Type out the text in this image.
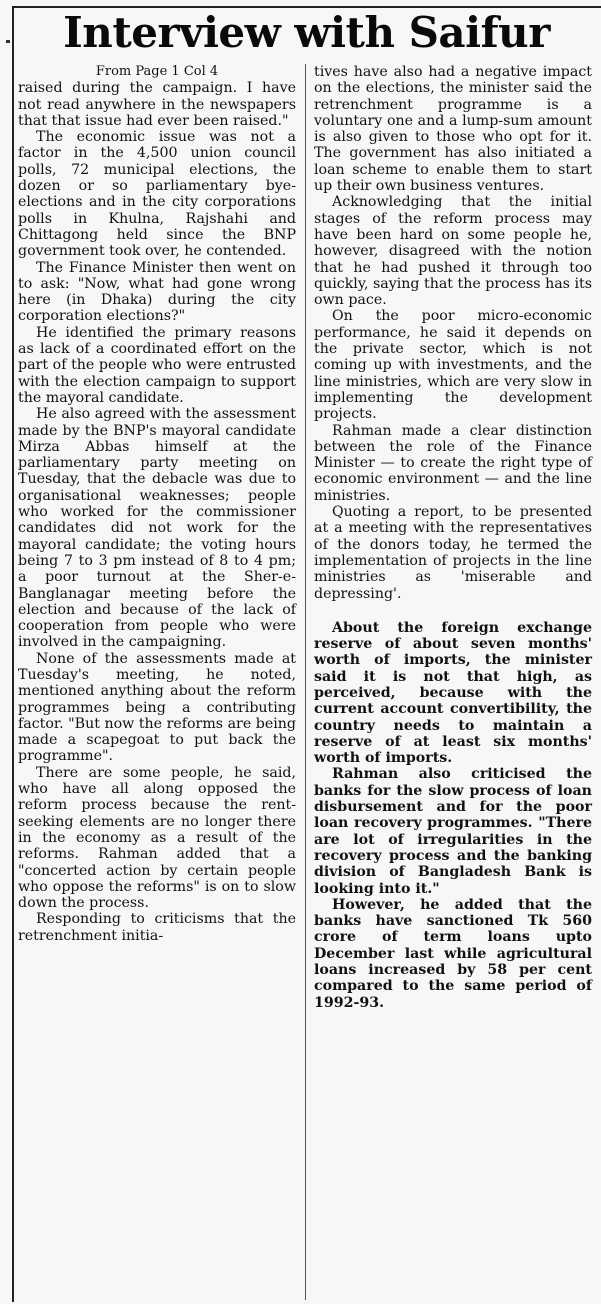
Interview with Saifur
From Page 1 Col 4

raised during the campaign. I have not read anywhere in the newspapers that that issue had ever been raised."

The economic issue was not a factor in the 4,500 union council polls, 72 municipal elections, the dozen or so parliamentary bye-elections and in the city corporations polls in Khulna, Rajshahi and Chittagong held since the BNP government took over, he contended.

The Finance Minister then went on to ask: "Now, what had gone wrong here (in Dhaka) during the city corporation elections?"

He identified the primary reasons as lack of a coordinated effort on the part of the people who were entrusted with the election campaign to support the mayoral candidate.

He also agreed with the assessment made by the BNP's mayoral candidate Mirza Abbas himself at the parliamentary party meeting on Tuesday, that the debacle was due to organisational weaknesses; people who worked for the commissioner candidates did not work for the mayoral candidate; the voting hours being 7 to 3 pm instead of 8 to 4 pm; a poor turnout at the Sher-e-Banglanagar meeting before the election and because of the lack of cooperation from people who were involved in the campaigning.

None of the assessments made at Tuesday's meeting, he noted, mentioned anything about the reform programmes being a contributing factor. "But now the reforms are being made a scapegoat to put back the programme".

There are some people, he said, who have all along opposed the reform process because the rent-seeking elements are no longer there in the economy as a result of the reforms. Rahman added that a "concerted action by certain people who oppose the reforms" is on to slow down the process.

Responding to criticisms that the retrenchment initia-

tives have also had a negative impact on the elections, the minister said the retrenchment programme is a voluntary one and a lump-sum amount is also given to those who opt for it. The government has also initiated a loan scheme to enable them to start up their own business ventures.

Acknowledging that the initial stages of the reform process may have been hard on some people he, however, disagreed with the notion that he had pushed it through too quickly, saying that the process has its own pace.

On the poor micro-economic performance, he said it depends on the private sector, which is not coming up with investments, and the line ministries, which are very slow in implementing the development projects.

Rahman made a clear distinction between the role of the Finance Minister — to create the right type of economic environment — and the line ministries.

Quoting a report, to be presented at a meeting with the representatives of the donors today, he termed the implementation of projects in the line ministries as 'miserable and depressing'.

About the foreign exchange reserve of about seven months' worth of imports, the minister said it is not that high, as perceived, because with the current account convertibility, the country needs to maintain a reserve of at least six months' worth of imports.

Rahman also criticised the banks for the slow process of loan disbursement and for the poor loan recovery programmes. "There are lot of irregularities in the recovery process and the banking division of Bangladesh Bank is looking into it."

However, he added that the banks have sanctioned Tk 560 crore of term loans upto December last while agricultural loans increased by 58 per cent compared to the same period of 1992-93.
